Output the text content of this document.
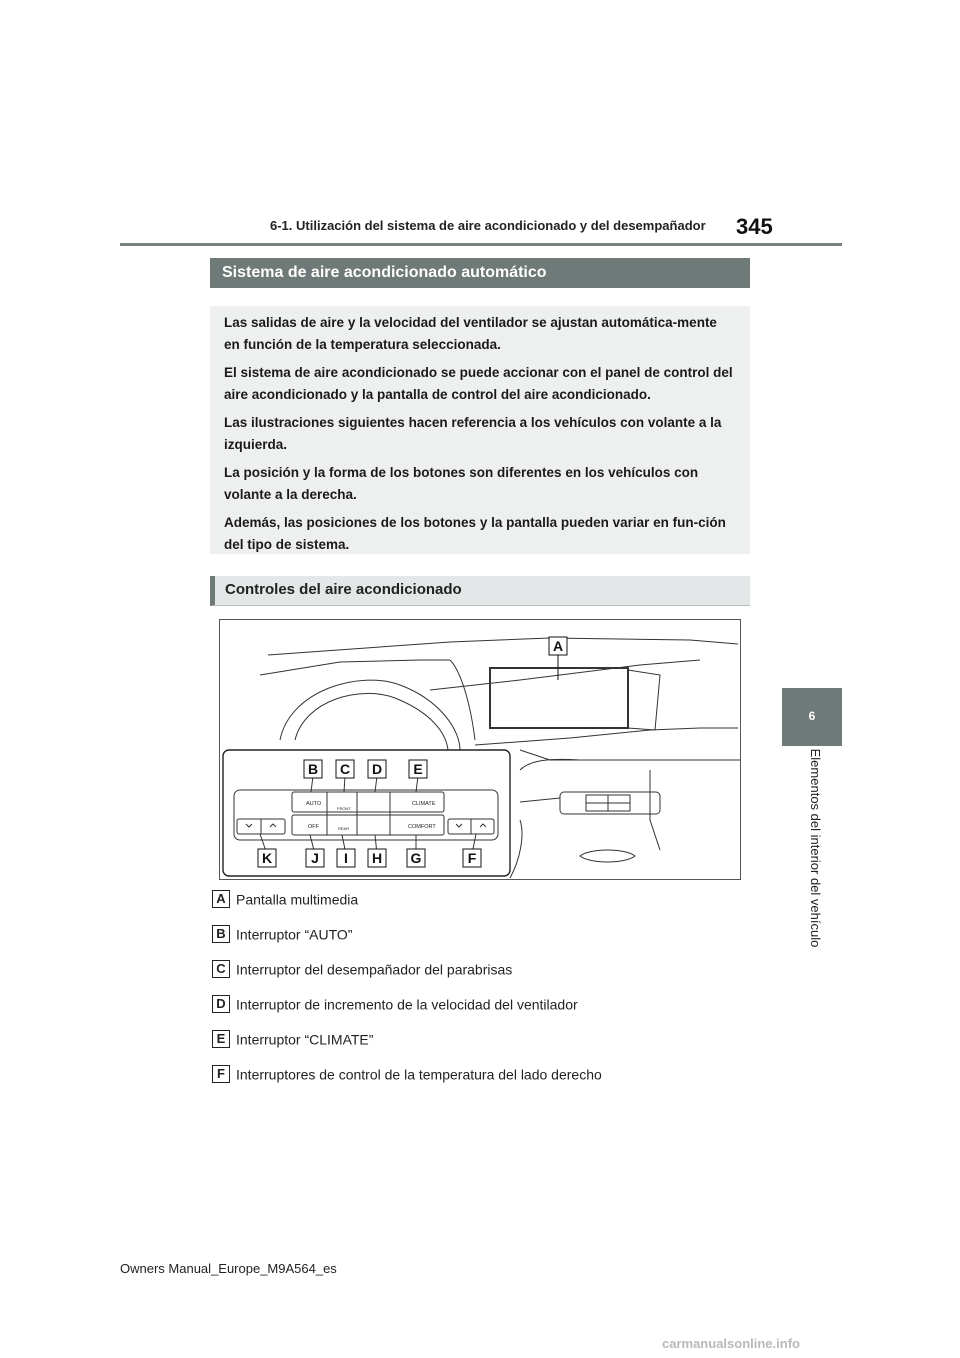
6-1. Utilización del sistema de aire acondicionado y del desempañador 345
6
Elementos del interior del vehículo
Sistema de aire acondicionado automático

Las salidas de aire y la velocidad del ventilador se ajustan automática-mente en función de la temperatura seleccionada.

El sistema de aire acondicionado se puede accionar con el panel de control del aire acondicionado y la pantalla de control del aire acondicionado.

Las ilustraciones siguientes hacen referencia a los vehículos con volante a la izquierda.

La posición y la forma de los botones son diferentes en los vehículos con volante a la derecha.

Además, las posiciones de los botones y la pantalla pueden variar en fun-ción del tipo de sistema.

Controles del aire acondicionado
AUTO
FRONT
CLIMATE
OFF	REAR	COMFORT
A
B C D E
K	J I H G	F
A Pantalla multimedia
B Interruptor “AUTO”
C Interruptor del desempañador del parabrisas
D Interruptor de incremento de la velocidad del ventilador
E Interruptor “CLIMATE”
F Interruptores de control de la temperatura del lado derecho
Owners Manual_Europe_M9A564_es
carmanualsonline.info
